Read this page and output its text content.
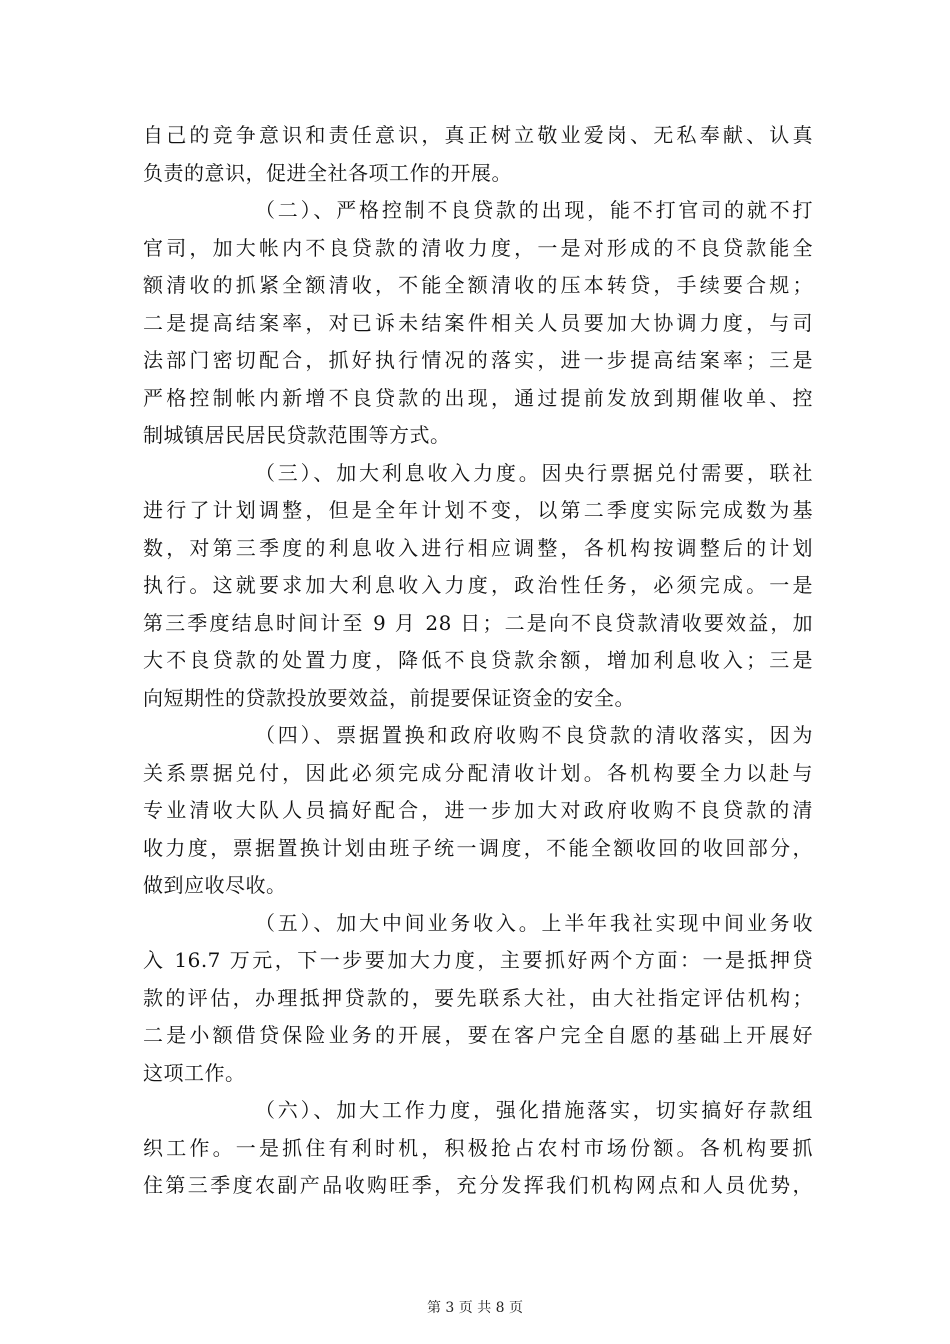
自己的竞争意识和责任意识，真正树立敬业爱岗、无私奉献、认真
负责的意识，促进全社各项工作的开展。
（二）、严格控制不良贷款的出现，能不打官司的就不打
官司，加大帐内不良贷款的清收力度，一是对形成的不良贷款能全
额清收的抓紧全额清收，不能全额清收的压本转贷，手续要合规；
二是提高结案率，对已诉未结案件相关人员要加大协调力度，与司
法部门密切配合，抓好执行情况的落实，进一步提高结案率；三是
严格控制帐内新增不良贷款的出现，通过提前发放到期催收单、控
制城镇居民居民贷款范围等方式。
（三）、加大利息收入力度。因央行票据兑付需要，联社
进行了计划调整，但是全年计划不变，以第二季度实际完成数为基
数，对第三季度的利息收入进行相应调整，各机构按调整后的计划
执行。这就要求加大利息收入力度，政治性任务，必须完成。一是
第三季度结息时间计至 9 月 28 日；二是向不良贷款清收要效益，加
大不良贷款的处置力度，降低不良贷款余额，增加利息收入；三是
向短期性的贷款投放要效益，前提要保证资金的安全。
（四）、票据置换和政府收购不良贷款的清收落实，因为
关系票据兑付，因此必须完成分配清收计划。各机构要全力以赴与
专业清收大队人员搞好配合，进一步加大对政府收购不良贷款的清
收力度，票据置换计划由班子统一调度，不能全额收回的收回部分，
做到应收尽收。
（五）、加大中间业务收入。上半年我社实现中间业务收
入 16.7 万元，下一步要加大力度，主要抓好两个方面：一是抵押贷
款的评估，办理抵押贷款的，要先联系大社，由大社指定评估机构；
二是小额借贷保险业务的开展，要在客户完全自愿的基础上开展好
这项工作。
（六）、加大工作力度，强化措施落实，切实搞好存款组
织工作。一是抓住有利时机，积极抢占农村市场份额。各机构要抓
住第三季度农副产品收购旺季，充分发挥我们机构网点和人员优势，
第 3 页 共 8 页
